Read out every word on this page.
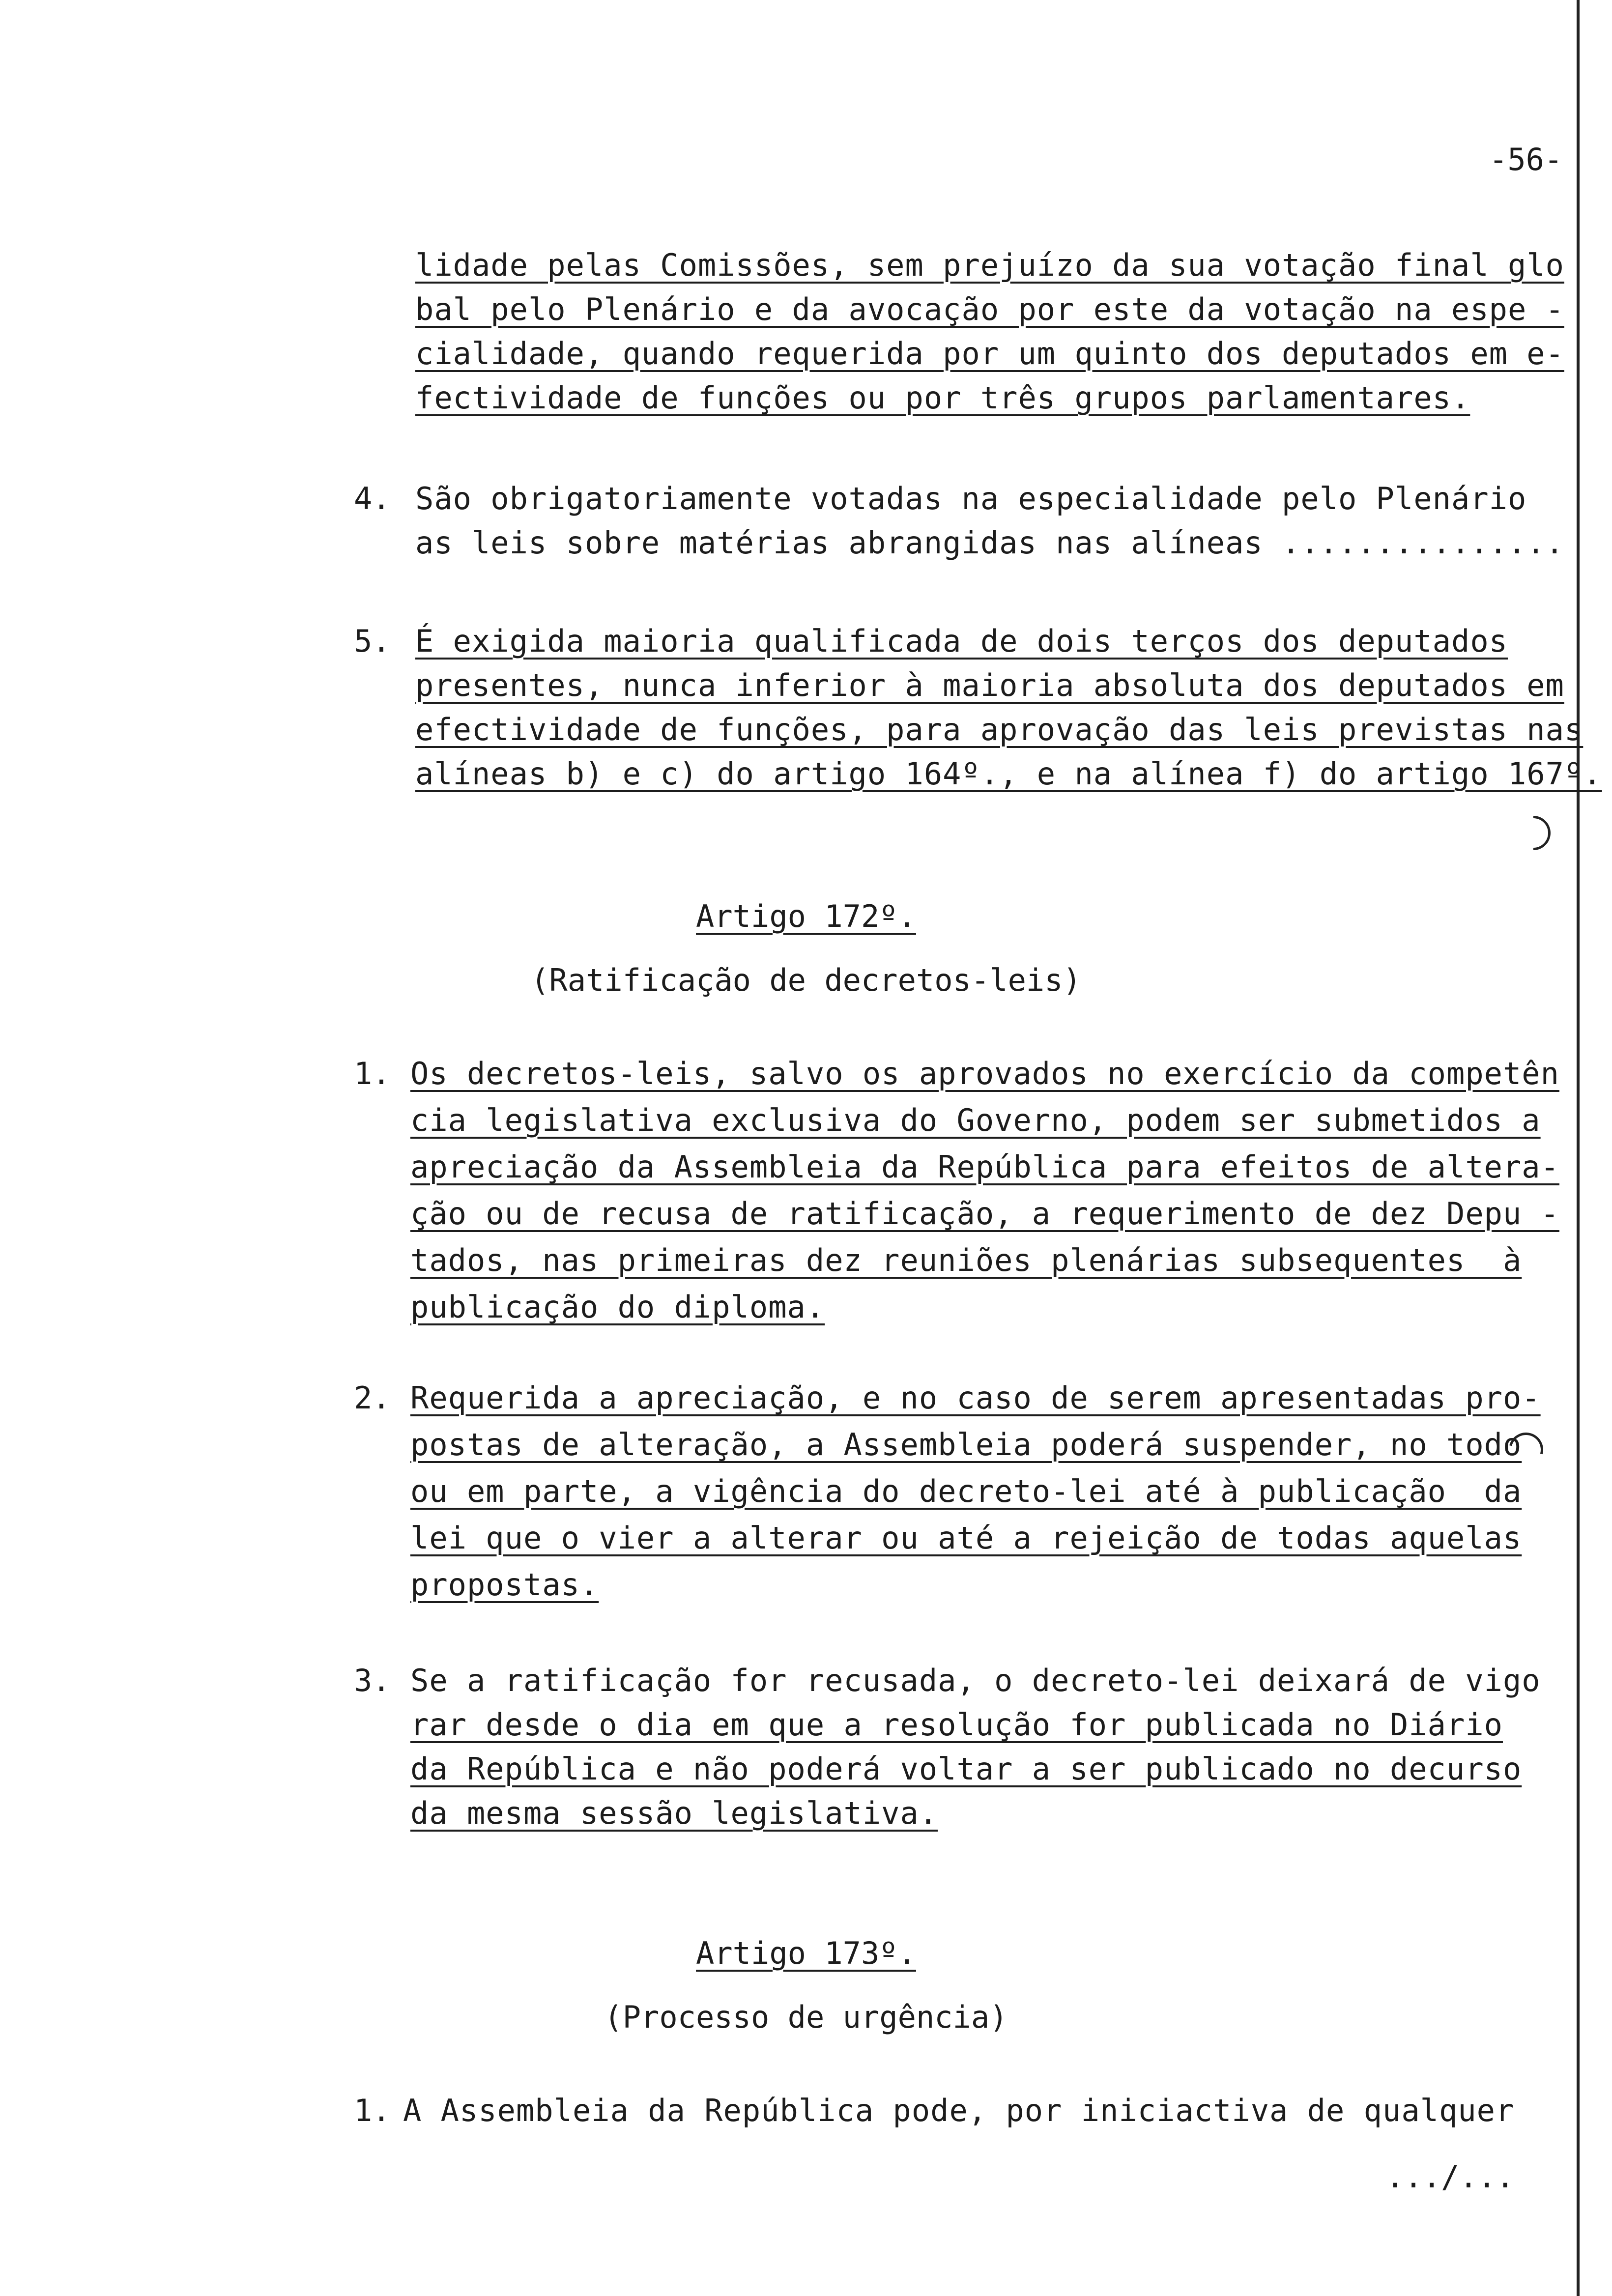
-56-
lidade pelas Comissões, sem prejuízo da sua votação final glo
bal pelo Plenário e da avocação por este da votação na espe -
cialidade, quando requerida por um quinto dos deputados em e-
fectividade de funções ou por três grupos parlamentares.
4. São obrigatoriamente votadas na especialidade pelo Plenário
as leis sobre matérias abrangidas nas alíneas ...............
5. É exigida maioria qualificada de dois terços dos deputados
presentes, nunca inferior à maioria absoluta dos deputados em
efectividade de funções, para aprovação das leis previstas nas
alíneas b) e c) do artigo 164º., e na alínea f) do artigo 167º.
Artigo 172º.
(Ratificação de decretos-leis)
1. Os decretos-leis, salvo os aprovados no exercício da competên
cia legislativa exclusiva do Governo, podem ser submetidos a
apreciação da Assembleia da República para efeitos de altera-
ção ou de recusa de ratificação, a requerimento de dez Depu -
tados, nas primeiras dez reuniões plenárias subsequentes  à
publicação do diploma.
2. Requerida a apreciação, e no caso de serem apresentadas pro-
postas de alteração, a Assembleia poderá suspender, no todo
ou em parte, a vigência do decreto-lei até à publicação  da
lei que o vier a alterar ou até a rejeição de todas aquelas
propostas.
3. Se a ratificação for recusada, o decreto-lei deixará de vigo
rar desde o dia em que a resolução for publicada no Diário
da República e não poderá voltar a ser publicado no decurso
da mesma sessão legislativa.
Artigo 173º.
(Processo de urgência)
1. A Assembleia da República pode, por iniciactiva de qualquer
.../...
